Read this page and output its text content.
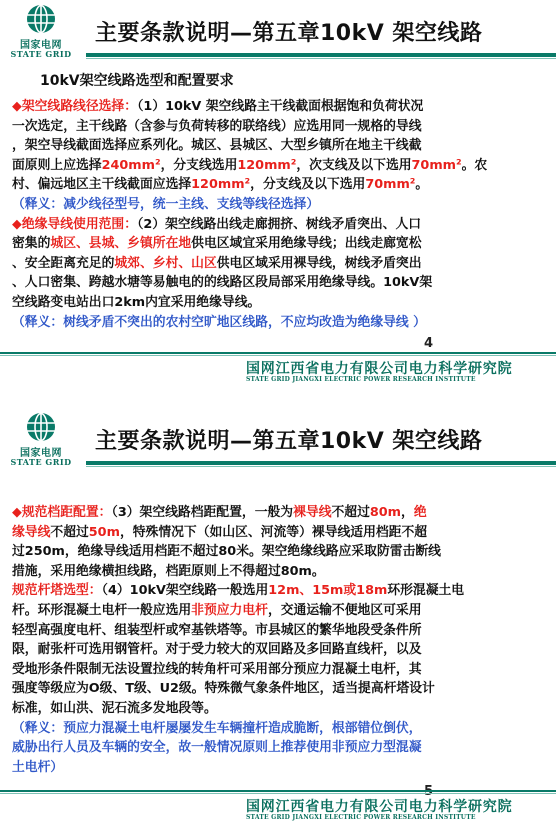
国家电网
STATE GRID
主要条款说明—第五章10kV 架空线路
10kV架空线路选型和配置要求
◆架空线路线径选择：（1）10kV 架空线路主干线截面根据饱和负荷状况
一次选定，主干线路（含参与负荷转移的联络线）应选用同一规格的导线
，架空导线截面选择应系列化。城区、县城区、大型乡镇所在地主干线截
面原则上应选择240mm²，分支线选用120mm²，次支线及以下选用70mm²。农
村、偏远地区主干线截面应选择120mm²，分支线及以下选用70mm²。
（释义：减少线径型号，统一主线、支线等线径选择）
◆绝缘导线使用范围：（2）架空线路出线走廊拥挤、树线矛盾突出、人口
密集的城区、县城、乡镇所在地供电区域宜采用绝缘导线；出线走廊宽松
、安全距离充足的城郊、乡村、山区供电区域采用裸导线，树线矛盾突出
、人口密集、跨越水塘等易触电的的线路区段局部采用绝缘导线。10kV架
空线路变电站出口2km内宜采用绝缘导线。
（释义：树线矛盾不突出的农村空旷地区线路，不应均改造为绝缘导线 ）
4
国网江西省电力有限公司电力科学研究院
STATE GRID JIANGXI ELECTRIC POWER RESEARCH INSTITUTE
国家电网
STATE GRID
主要条款说明—第五章10kV 架空线路
◆规范档距配置：（3）架空线路档距配置，一般为裸导线不超过80m，绝
缘导线不超过50m，特殊情况下（如山区、河流等）裸导线适用档距不超
过250m，绝缘导线适用档距不超过80米。架空绝缘线路应采取防雷击断线
措施，采用绝缘横担线路，档距原则上不得超过80m。
规范杆塔选型：（4）10kV架空线路一般选用12m、15m或18m环形混凝土电
杆。环形混凝土电杆一般应选用非预应力电杆，交通运输不便地区可采用
轻型高强度电杆、组装型杆或窄基铁塔等。市县城区的繁华地段受条件所
限，耐张杆可选用钢管杆。对于受力较大的双回路及多回路直线杆，以及
受地形条件限制无法设置拉线的转角杆可采用部分预应力混凝土电杆，其
强度等级应为O级、T级、U2级。特殊微气象条件地区，适当提高杆塔设计
标准，如山洪、泥石流多发地段等。
（释义：预应力混凝土电杆屡屡发生车辆撞杆造成脆断，根部错位倒伏，
威胁出行人员及车辆的安全，故一般情况原则上推荐使用非预应力型混凝
土电杆）
国网江西省电力有限公司电力科学研究院
STATE GRID JIANGXI ELECTRIC POWER RESEARCH INSTITUTE
